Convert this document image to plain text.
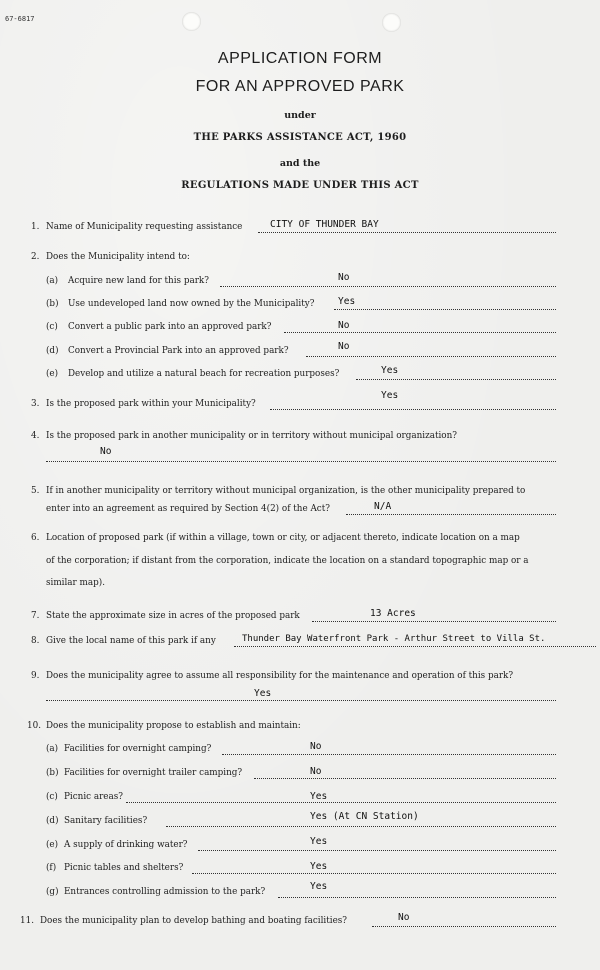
67-6817
APPLICATION FORM
FOR AN APPROVED PARK
under
THE PARKS ASSISTANCE ACT, 1960
and the
REGULATIONS MADE UNDER THIS ACT
1. Name of Municipality requesting assistance	CITY OF THUNDER BAY
2. Does the Municipality intend to:
(a) Acquire new land for this park?	No
(b) Use undeveloped land now owned by the Municipality? Yes
(c) Convert a public park into an approved park?	No
(d) Convert a Provincial Park into an approved park?	No
(e) Develop and utilize a natural beach for recreation purposes?	Yes
3. Is the proposed park within your Municipality?
Yes
4. Is the proposed park in another municipality or in territory without municipal organization?
No
5. If in another municipality or territory without municipal organization, is the other municipality prepared to
enter into an agreement as required by Section 4(2) of the Act?	N/A
6. Location of proposed park (if within a village, town or city, or adjacent thereto, indicate location on a map
of the corporation; if distant from the corporation, indicate the location on a standard topographic map or a
similar map).
7. State the approximate size in acres of the proposed park	13 Acres
8. Give the local name of this park if any	Thunder Bay Waterfront Park - Arthur Street to Villa St.
9. Does the municipality agree to assume all responsibility for the maintenance and operation of this park?
Yes
10. Does the municipality propose to establish and maintain:
(a) Facilities for overnight camping?	No
(b) Facilities for overnight trailer camping?	No
(c) Picnic areas?	Yes
(d) Sanitary facilities?	Yes (At CN Station)
(e) A supply of drinking water?	Yes
(f) Picnic tables and shelters?	Yes
(g) Entrances controlling admission to the park?	Yes
11. Does the municipality plan to develop bathing and boating facilities?	No
